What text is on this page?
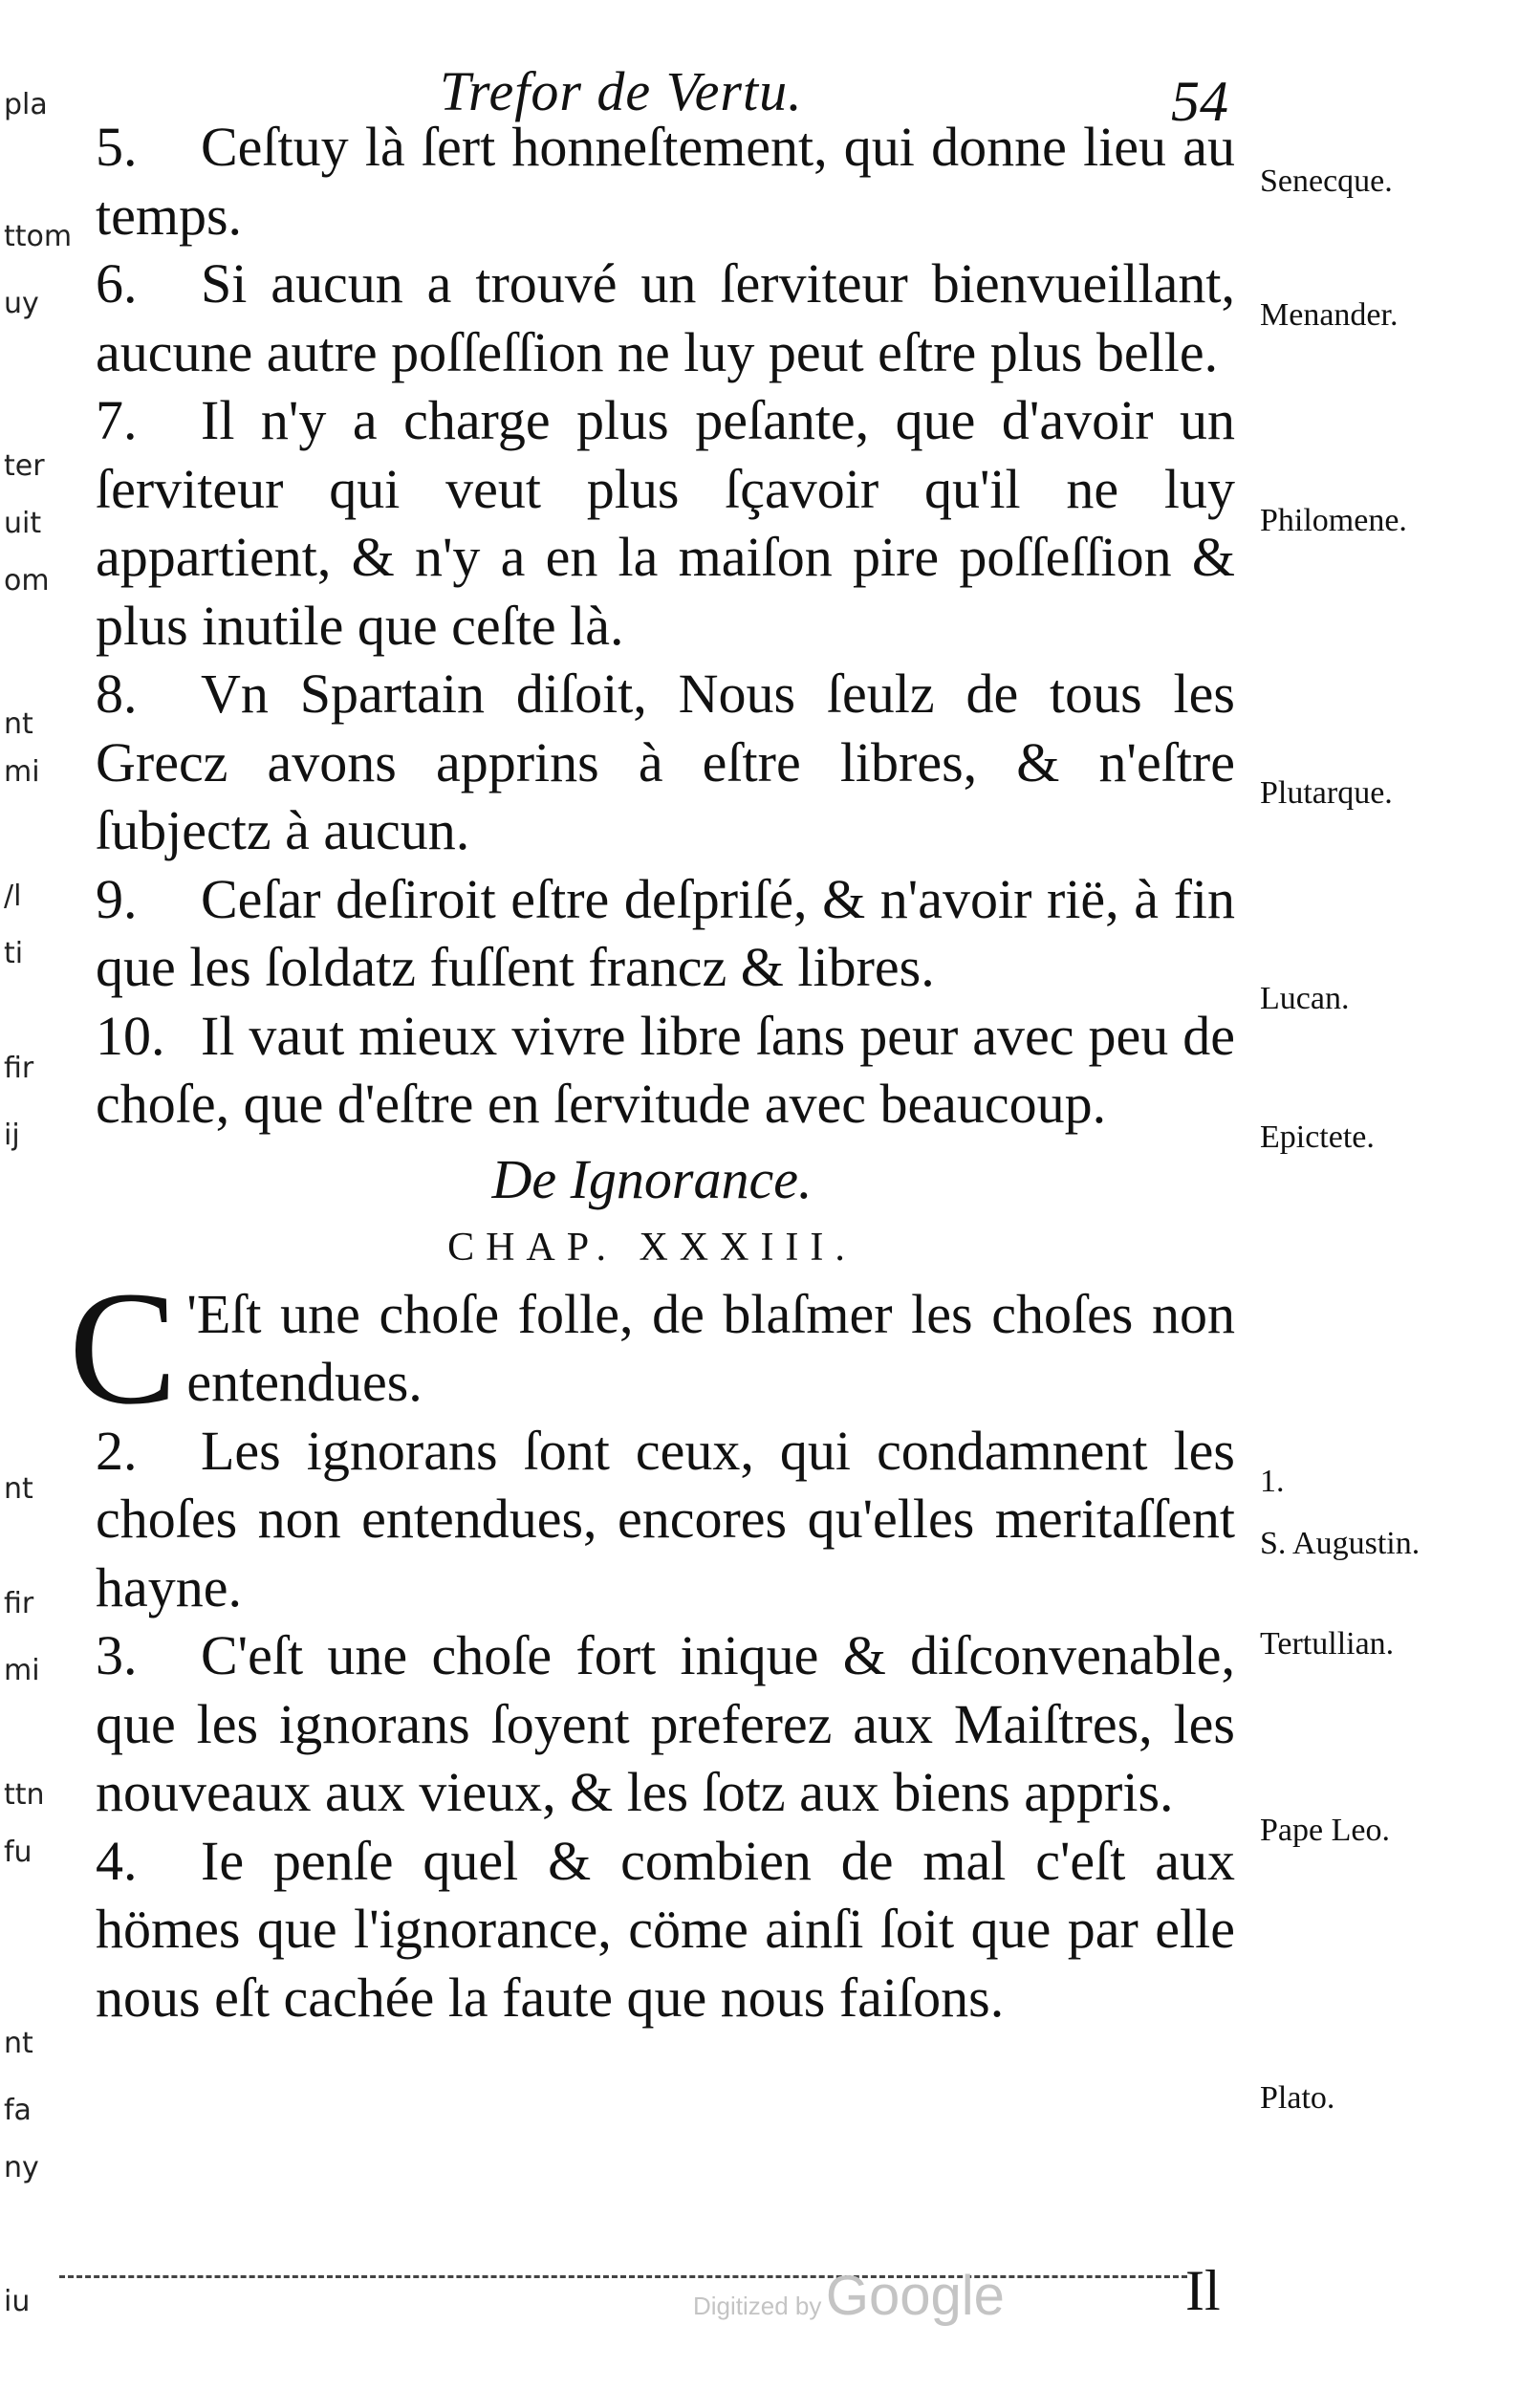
pla
ttom
uy
ter
uit
om
nt
mi
/l
ti
fir
ij
nt
fir
mi
ttn
fu
nt
fa
ny
iu
Trefor de Vertu.	54

5. Ceſtuy là ſert honneſtement, qui donne lieu au temps.

6. Si aucun a trouvé un ſerviteur bienvueillant, aucune autre poſſeſſion ne luy peut eſtre plus belle.

7. Il n'y a charge plus peſante, que d'avoir un ſerviteur qui veut plus ſçavoir qu'il ne luy appartient, & n'y a en la maiſon pire poſſeſſion & plus inutile que ceſte là.

8. Vn Spartain diſoit, Nous ſeulz de tous les Grecz avons apprins à eſtre libres, & n'eſtre ſubjectz à aucun.

9. Ceſar deſiroit eſtre deſpriſé, & n'avoir rië, à fin que les ſoldatz fuſſent francz & libres.

10. Il vaut mieux vivre libre ſans peur avec peu de choſe, que d'eſtre en ſervitude avec beaucoup.

De Ignorance.
CHAP. XXXIII.

C 'Eſt une choſe folle, de blaſmer les choſes non entendues.

2. Les ignorans ſont ceux, qui condamnent les choſes non entendues, encores qu'elles meritaſſent hayne.

3. C'eſt une choſe fort inique & diſconvenable, que les ignorans ſoyent preferez aux Maiſtres, les nouveaux aux vieux, & les ſotz aux biens appris.

4. Ie penſe quel & combien de mal c'eſt aux hömes que l'ignorance, cöme ainſi ſoit que par elle nous eſt cachée la faute que nous faiſons.

Senecque.
Menander.
Philomene.
Plutarque.
Lucan.
Epictete.
1.
S. Augustin.
Tertullian.
Pape Leo.
Plato.
Digitized by Google	Il
